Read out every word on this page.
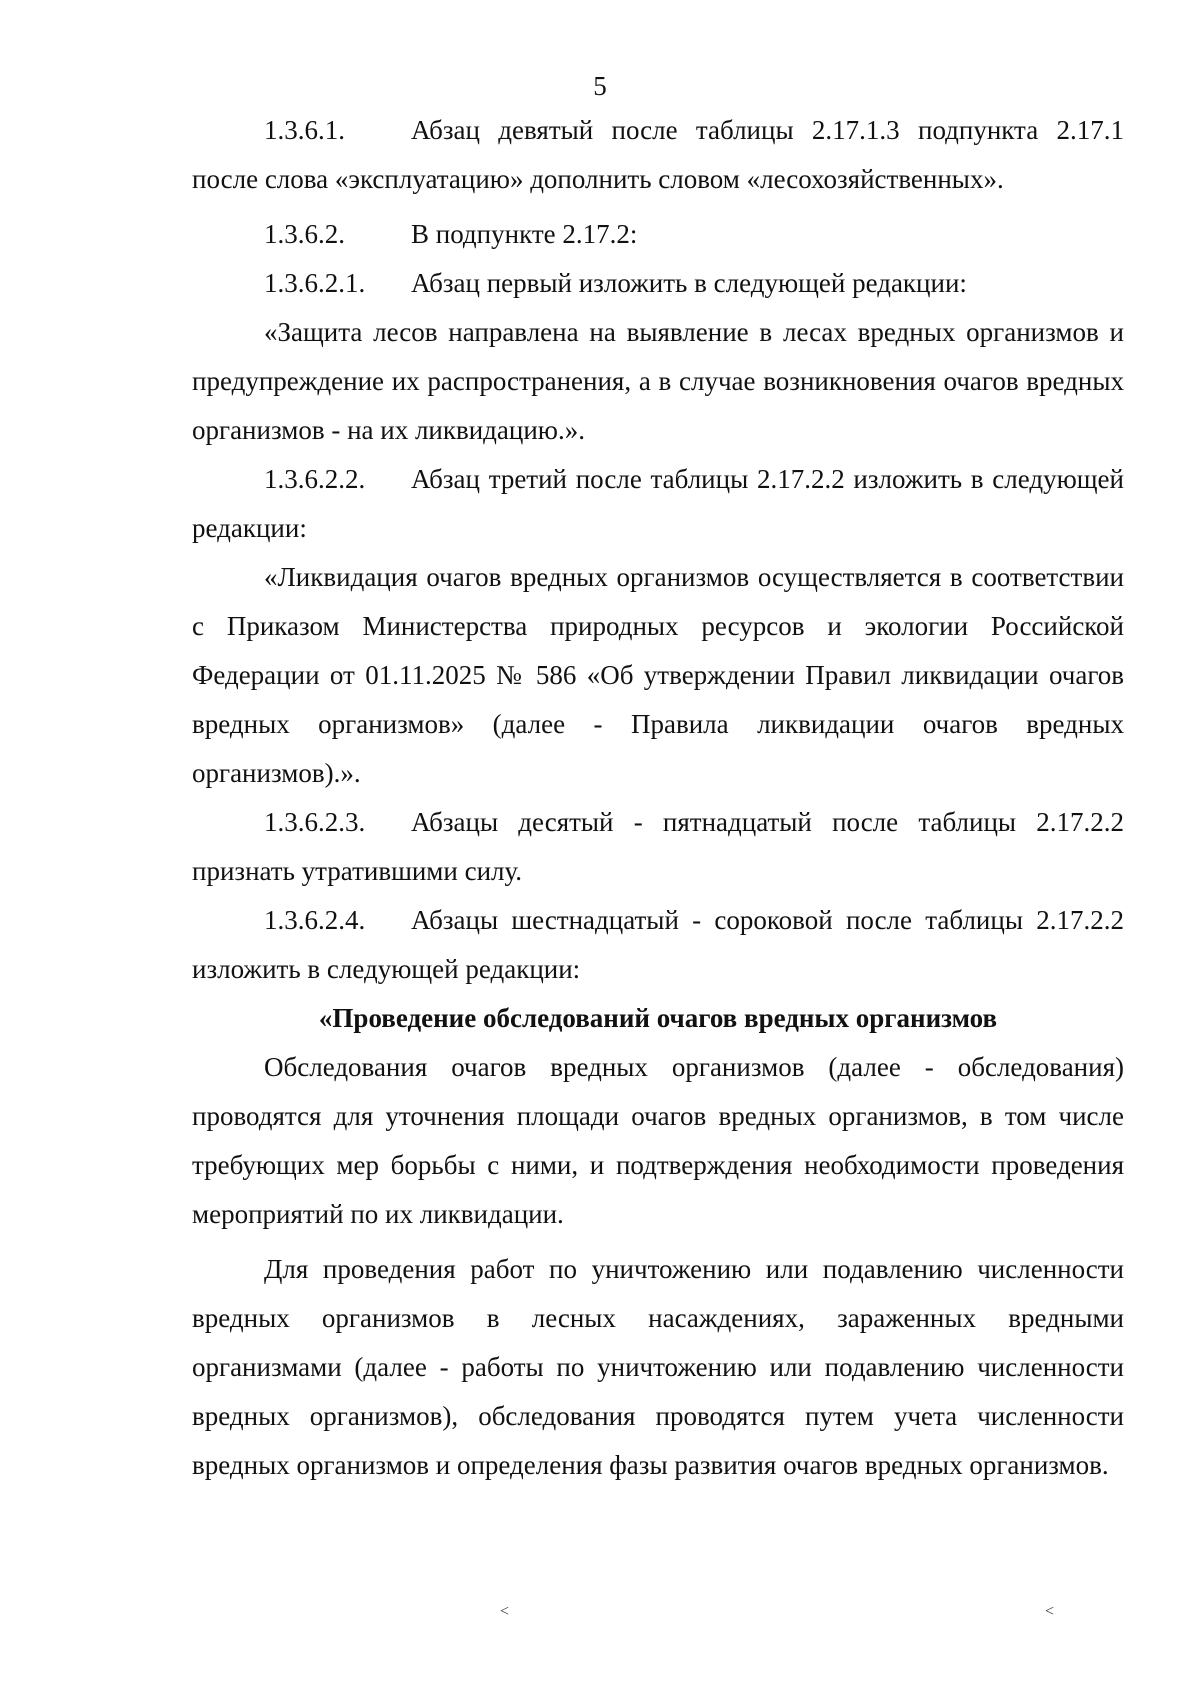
5

1.3.6.1. Абзац девятый после таблицы 2.17.1.3 подпункта 2.17.1 после слова «эксплуатацию» дополнить словом «лесохозяйственных».

1.3.6.2. В подпункте 2.17.2:

1.3.6.2.1. Абзац первый изложить в следующей редакции:

«Защита лесов направлена на выявление в лесах вредных организмов и предупреждение их распространения, а в случае возникновения очагов вредных организмов - на их ликвидацию.».

1.3.6.2.2. Абзац третий после таблицы 2.17.2.2 изложить в следующей редакции:

«Ликвидация очагов вредных организмов осуществляется в соответствии с Приказом Министерства природных ресурсов и экологии Российской Федерации от 01.11.2025 № 586 «Об утверждении Правил ликвидации очагов вредных организмов» (далее - Правила ликвидации очагов вредных организмов).».

1.3.6.2.3. Абзацы десятый - пятнадцатый после таблицы 2.17.2.2 признать утратившими силу.

1.3.6.2.4. Абзацы шестнадцатый - сороковой после таблицы 2.17.2.2 изложить в следующей редакции:

«Проведение обследований очагов вредных организмов

Обследования очагов вредных организмов (далее - обследования) проводятся для уточнения площади очагов вредных организмов, в том числе требующих мер борьбы с ними, и подтверждения необходимости проведения мероприятий по их ликвидации.

Для проведения работ по уничтожению или подавлению численности вредных организмов в лесных насаждениях, зараженных вредными организмами (далее - работы по уничтожению или подавлению численности вредных организмов), обследования проводятся путем учета численности вредных организмов и определения фазы развития очагов вредных организмов.

˂	˂
